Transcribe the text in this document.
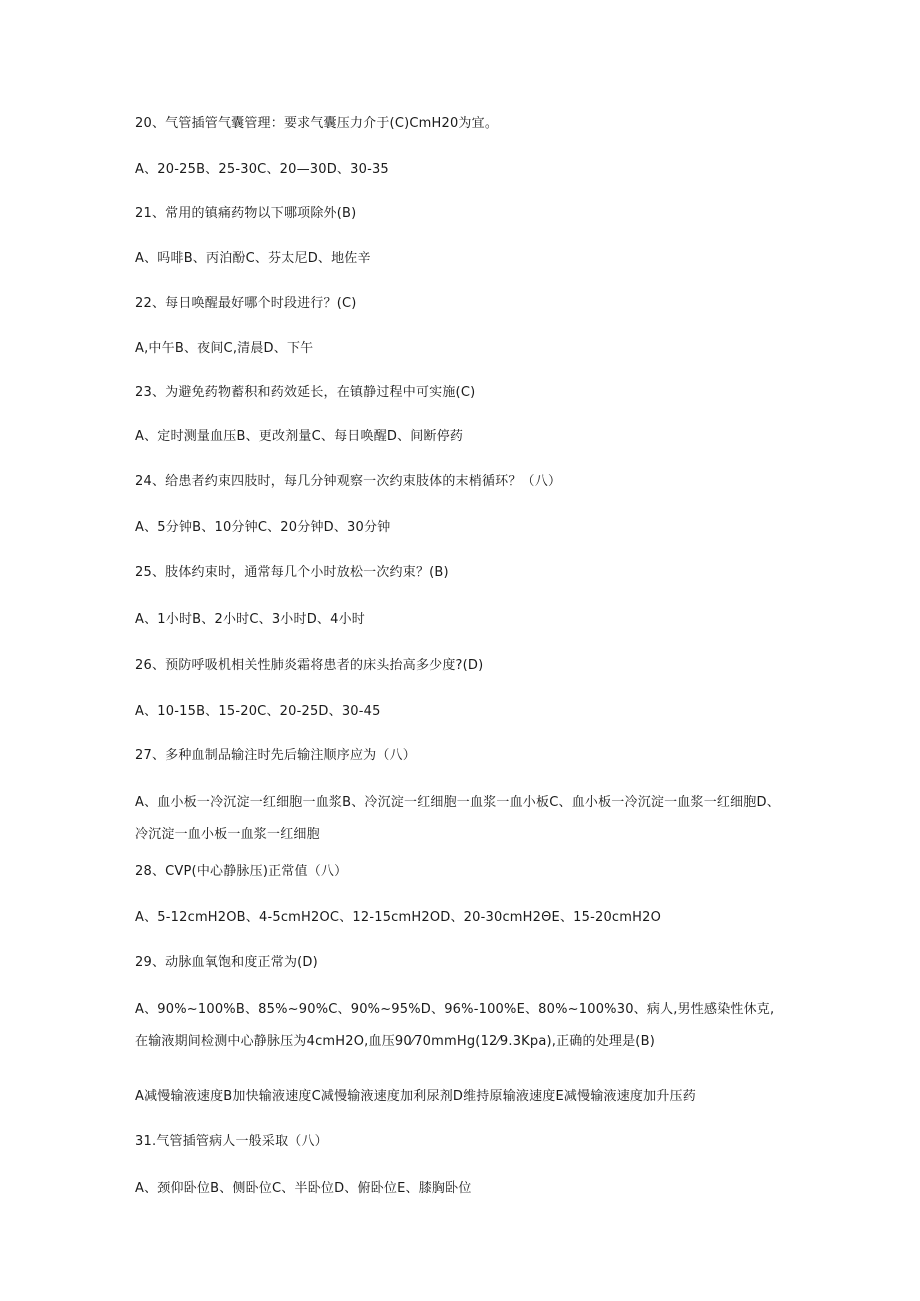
20、气管插管气囊管理：要求气囊压力介于(C)CmH20为宜。
A、20-25B、25-30C、20—30D、30-35
21、常用的镇痛药物以下哪项除外(B)
A、吗啡B、丙泊酚C、芬太尼D、地佐辛
22、每日唤醒最好哪个时段进行？(C)
A,中午B、夜间C,清晨D、下午
23、为避免药物蓄积和药效延长，在镇静过程中可实施(C)
A、定时测量血压B、更改剂量C、每日唤醒D、间断停药
24、给患者约束四肢时，每几分钟观察一次约束肢体的末梢循环？（八）
A、5分钟B、10分钟C、20分钟D、30分钟
25、肢体约束时，通常每几个小时放松一次约束？(B)
A、1小时B、2小时C、3小时D、4小时
26、预防呼吸机相关性肺炎霜将患者的床头抬高多少度?(D)
A、10-15B、15-20C、20-25D、30-45
27、多种血制品输注时先后输注顺序应为（八）
A、血小板一冷沉淀一红细胞一血浆B、冷沉淀一红细胞一血浆一血小板C、血小板一冷沉淀一血浆一红细胞D、冷沉淀一血小板一血浆一红细胞
28、CVP(中心静脉压)正常值（八）
A、5-12cmH2OB、4-5cmH2OC、12-15cmH2OD、20-30cmH2ΘE、15-20cmH2O
29、动脉血氧饱和度正常为(D)
A、90%~100%B、85%~90%C、90%~95%D、96%-100%E、80%~100%30、病人,男性感染性休克,在输液期间检测中心静脉压为4cmH2O,血压90⁄70mmHg(12⁄9.3Kpa),正确的处理是(B)
A减慢输液速度B加快输液速度C减慢输液速度加利尿剂D维持原输液速度E减慢输液速度加升压药
31.气管插管病人一般采取（八）
A、颈仰卧位B、侧卧位C、半卧位D、俯卧位E、膝胸卧位
